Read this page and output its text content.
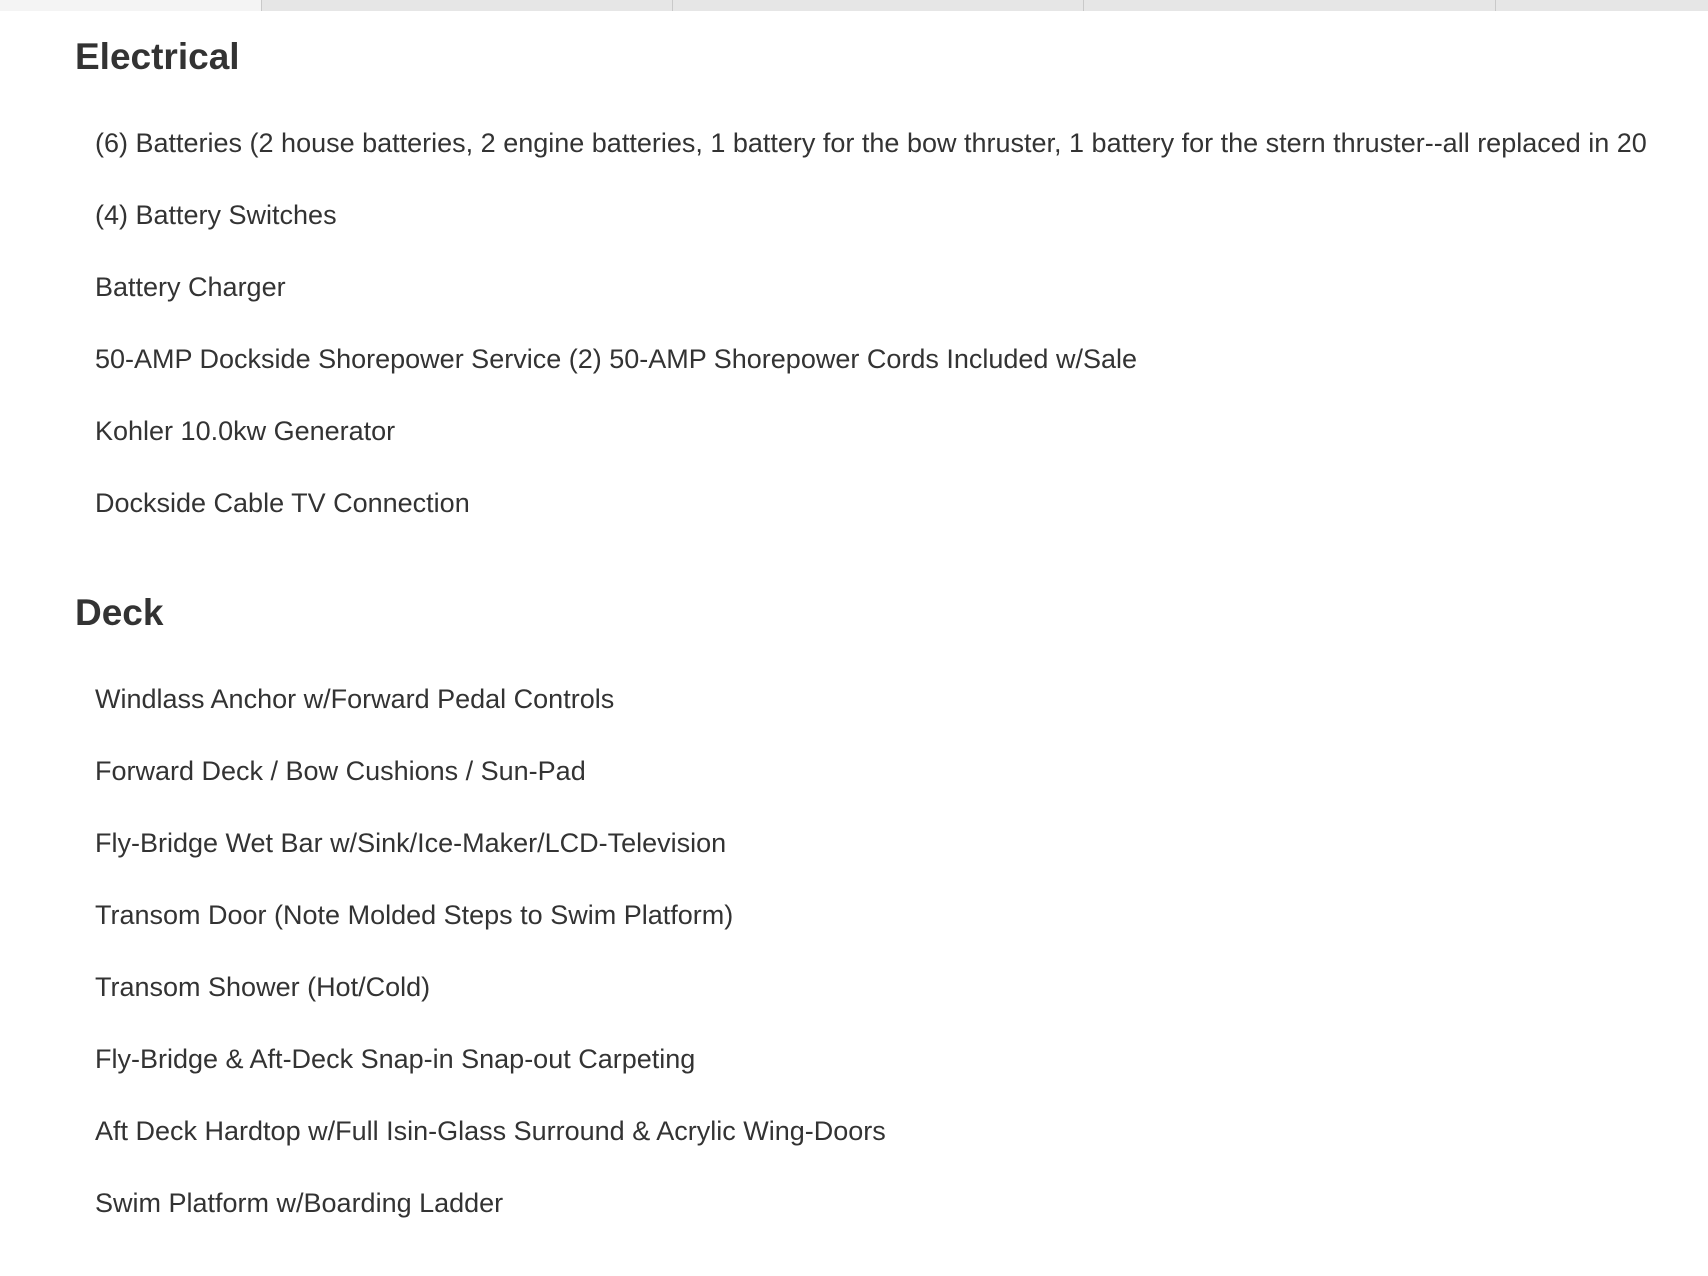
Electrical
(6) Batteries (2 house batteries, 2 engine batteries, 1 battery for the bow thruster, 1 battery for the stern thruster--all replaced in 20
(4) Battery Switches
Battery Charger
50-AMP Dockside Shorepower Service (2) 50-AMP Shorepower Cords Included w/Sale
Kohler 10.0kw Generator
Dockside Cable TV Connection
Deck
Windlass Anchor w/Forward Pedal Controls
Forward Deck / Bow Cushions / Sun-Pad
Fly-Bridge Wet Bar w/Sink/Ice-Maker/LCD-Television
Transom Door (Note Molded Steps to Swim Platform)
Transom Shower (Hot/Cold)
Fly-Bridge & Aft-Deck Snap-in Snap-out Carpeting
Aft Deck Hardtop w/Full Isin-Glass Surround & Acrylic Wing-Doors
Swim Platform w/Boarding Ladder
